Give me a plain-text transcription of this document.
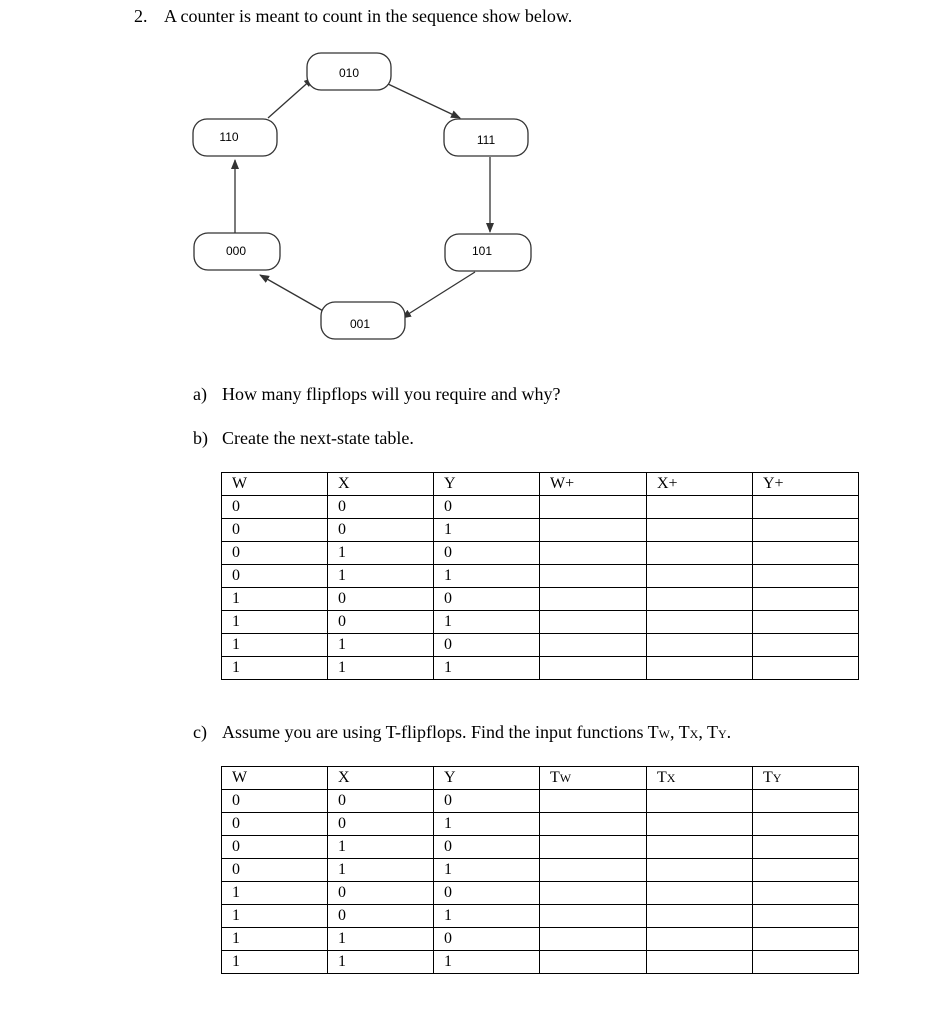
2. A counter is meant to count in the sequence show below.
010
111
101
001
000
110
a) How many flipflops will you require and why?
b) Create the next-state table.
W	X	Y	W+	X+	Y+
0	0	0			
0	0	1			
0	1	0			
0	1	1			
1	0	0			
1	0	1			
1	1	0			
1	1	1			
c) Assume you are using T-flipflops. Find the input functions TW, TX, TY.
W	X	Y	TW	TX	TY
0	0	0			
0	0	1			
0	1	0			
0	1	1			
1	0	0			
1	0	1			
1	1	0			
1	1	1			
